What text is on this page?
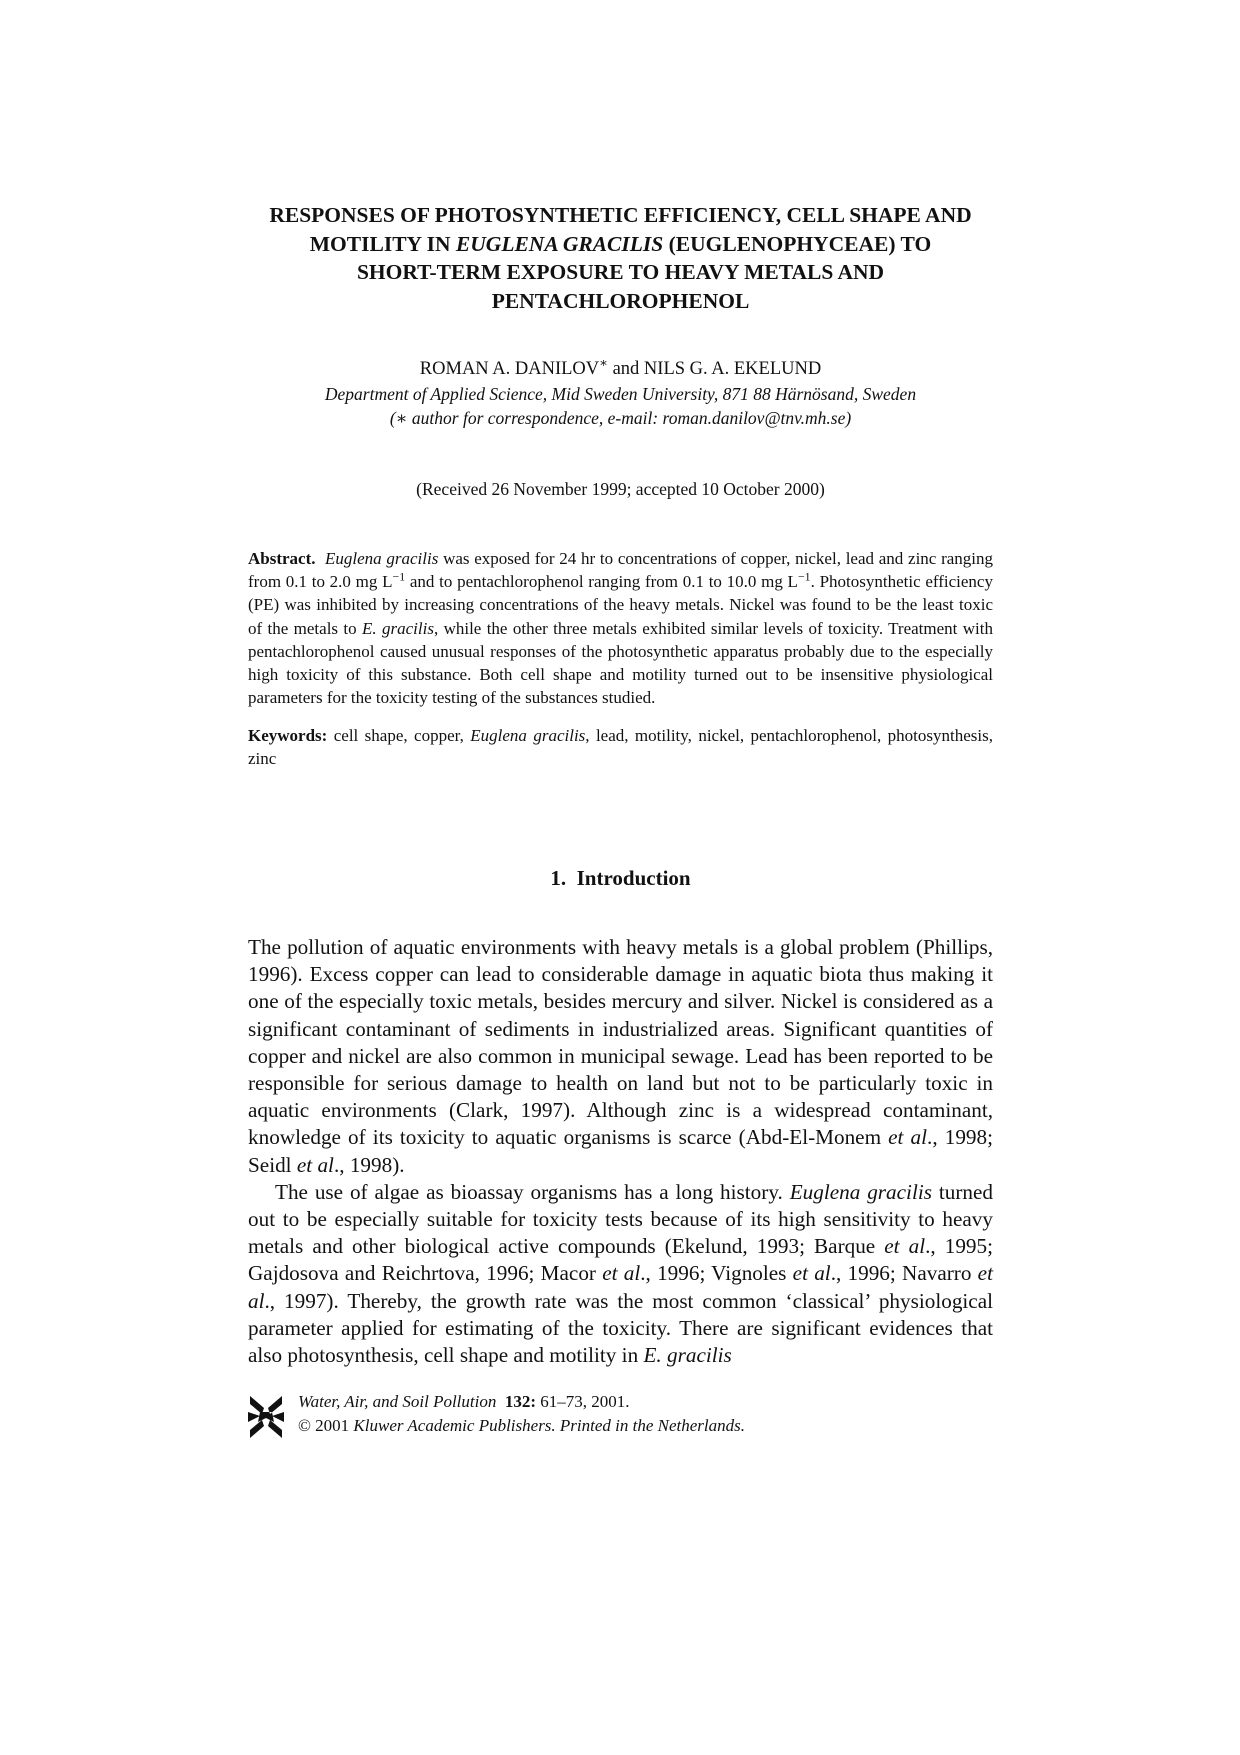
RESPONSES OF PHOTOSYNTHETIC EFFICIENCY, CELL SHAPE AND
MOTILITY IN EUGLENA GRACILIS (EUGLENOPHYCEAE) TO
SHORT-TERM EXPOSURE TO HEAVY METALS AND
PENTACHLOROPHENOL
ROMAN A. DANILOV∗ and NILS G. A. EKELUND
Department of Applied Science, Mid Sweden University, 871 88 Härnösand, Sweden
(∗ author for correspondence, e-mail: roman.danilov@tnv.mh.se)
(Received 26 November 1999; accepted 10 October 2000)
Abstract. Euglena gracilis was exposed for 24 hr to concentrations of copper, nickel, lead and zinc ranging from 0.1 to 2.0 mg $L^{-1}$ and to pentachlorophenol ranging from 0.1 to 10.0 mg $L^{-1}$. Photosynthetic efficiency (PE) was inhibited by increasing concentrations of the heavy metals. Nickel was found to be the least toxic of the metals to E. gracilis, while the other three metals exhibited similar levels of toxicity. Treatment with pentachlorophenol caused unusual responses of the photosynthetic apparatus probably due to the especially high toxicity of this substance. Both cell shape and motility turned out to be insensitive physiological parameters for the toxicity testing of the substances studied.
Keywords: cell shape, copper, Euglena gracilis, lead, motility, nickel, pentachlorophenol, photosynthesis, zinc
1. Introduction

The pollution of aquatic environments with heavy metals is a global problem (Phillips, 1996). Excess copper can lead to considerable damage in aquatic biota thus making it one of the especially toxic metals, besides mercury and silver. Nickel is considered as a significant contaminant of sediments in industrialized areas. Significant quantities of copper and nickel are also common in municipal sewage. Lead has been reported to be responsible for serious damage to health on land but not to be particularly toxic in aquatic environments (Clark, 1997). Although zinc is a widespread contaminant, knowledge of its toxicity to aquatic organisms is scarce (Abd-El-Monem et al., 1998; Seidl et al., 1998).

The use of algae as bioassay organisms has a long history. Euglena gracilis turned out to be especially suitable for toxicity tests because of its high sensitivity to heavy metals and other biological active compounds (Ekelund, 1993; Barque et al., 1995; Gajdosova and Reichrtova, 1996; Macor et al., 1996; Vignoles et al., 1996; Navarro et al., 1997). Thereby, the growth rate was the most common ‘classical’ physiological parameter applied for estimating of the toxicity. There are significant evidences that also photosynthesis, cell shape and motility in E. gracilis

Water, Air, and Soil Pollution 132: 61–73, 2001.
© 2001 Kluwer Academic Publishers. Printed in the Netherlands.
